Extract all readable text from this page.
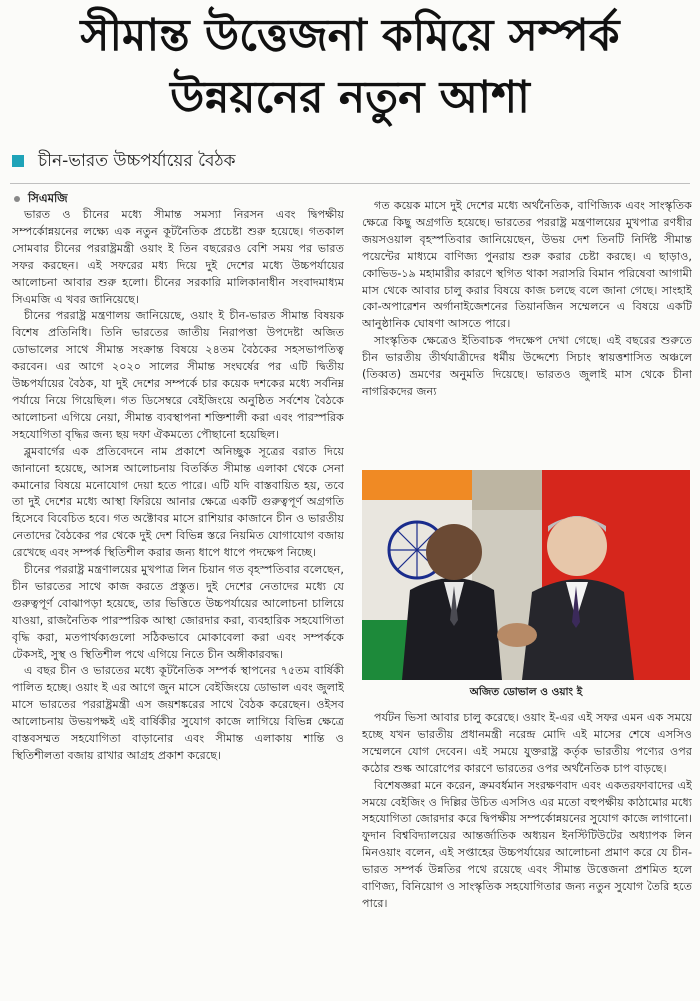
সীমান্ত উত্তেজনা কমিয়ে সম্পর্ক
উন্নয়নের নতুন আশা
চীন-ভারত উচ্চপর্যায়ের বৈঠক
সিএমজি

ভারত ও চীনের মধ্যে সীমান্ত সমস্যা নিরসন এবং দ্বিপক্ষীয় সম্পর্কোন্নয়নের লক্ষ্যে এক নতুন কূটনৈতিক প্রচেষ্টা শুরু হয়েছে। গতকাল সোমবার চীনের পররাষ্ট্রমন্ত্রী ওয়াং ই তিন বছরেরও বেশি সময় পর ভারত সফর করছেন। এই সফরের মধ্য দিয়ে দুই দেশের মধ্যে উচ্চপর্যায়ের আলোচনা আবার শুরু হলো। চীনের সরকারি মালিকানাধীন সংবাদমাধ্যম সিএমজি এ খবর জানিয়েছে।

চীনের পররাষ্ট্র মন্ত্রণালয় জানিয়েছে, ওয়াং ই চীন-ভারত সীমান্ত বিষয়ক বিশেষ প্রতিনিধি। তিনি ভারতের জাতীয় নিরাপত্তা উপদেষ্টা অজিত ডোভালের সাথে সীমান্ত সংক্রান্ত বিষয়ে ২৪তম বৈঠকের সহসভাপতিত্ব করবেন। এর আগে ২০২০ সালের সীমান্ত সংঘর্ষের পর এটি দ্বিতীয় উচ্চপর্যায়ের বৈঠক, যা দুই দেশের সম্পর্কে চার কয়েক দশকের মধ্যে সর্বনিম্ন পর্যায়ে নিয়ে গিয়েছিল। গত ডিসেম্বরে বেইজিংয়ে অনুষ্ঠিত সর্বশেষ বৈঠকে আলোচনা এগিয়ে নেয়া, সীমান্ত ব্যবস্থাপনা শক্তিশালী করা এবং পারস্পরিক সহযোগিতা বৃদ্ধির জন্য ছয় দফা ঐকমত্যে পৌছানো হয়েছিল।

ব্লুমবার্গের এক প্রতিবেদনে নাম প্রকাশে অনিচ্ছুক সূত্রের বরাত দিয়ে জানানো হয়েছে, আসন্ন আলোচনায় বিতর্কিত সীমান্ত এলাকা থেকে সেনা কমানোর বিষয়ে মনোযোগ দেয়া হতে পারে। এটি যদি বাস্তবায়িত হয়, তবে তা দুই দেশের মধ্যে আস্থা ফিরিয়ে আনার ক্ষেত্রে একটি গুরুত্বপূর্ণ অগ্রগতি হিসেবে বিবেচিত হবে। গত অক্টোবর মাসে রাশিয়ার কাজানে চীন ও ভারতীয় নেতাদের বৈঠকের পর থেকে দুই দেশ বিভিন্ন স্তরে নিয়মিত যোগাযোগ বজায় রেখেছে এবং সম্পর্ক স্থিতিশীল করার জন্য ধাপে ধাপে পদক্ষেপ নিচ্ছে।

চীনের পররাষ্ট্র মন্ত্রণালয়ের মুখপাত্র লিন চিয়ান গত বৃহস্পতিবার বলেছেন, চীন ভারতের সাথে কাজ করতে প্রস্তুত। দুই দেশের নেতাদের মধ্যে যে গুরুত্বপূর্ণ বোঝাপড়া হয়েছে, তার ভিত্তিতে উচ্চপর্যায়ের আলোচনা চালিয়ে যাওয়া, রাজনৈতিক পারস্পরিক আস্থা জোরদার করা, ব্যবহারিক সহযোগিতা বৃদ্ধি করা, মতপার্থক্যগুলো সঠিকভাবে মোকাবেলা করা এবং সম্পর্ককে টেকসই, সুস্থ ও স্থিতিশীল পথে এগিয়ে নিতে চীন অঙ্গীকারবদ্ধ।

এ বছর চীন ও ভারতের মধ্যে কূটনৈতিক সম্পর্ক স্থাপনের ৭৫তম বার্ষিকী পালিত হচ্ছে। ওয়াং ই এর আগে জুন মাসে বেইজিংয়ে ডোভাল এবং জুলাই মাসে ভারতের পররাষ্ট্রমন্ত্রী এস জয়শঙ্করের সাথে বৈঠক করেছেন। ওইসব আলোচনায় উভয়পক্ষই এই বার্ষিকীর সুযোগ কাজে লাগিয়ে বিভিন্ন ক্ষেত্রে বাস্তবসম্মত সহযোগিতা বাড়ানোর এবং সীমান্ত এলাকায় শান্তি ও স্থিতিশীলতা বজায় রাখার আগ্রহ প্রকাশ করেছে।

গত কয়েক মাসে দুই দেশের মধ্যে অর্থনৈতিক, বাণিজ্যিক এবং সাংস্কৃতিক ক্ষেত্রে কিছু অগ্রগতি হয়েছে। ভারতের পররাষ্ট্র মন্ত্রণালয়ের মুখপাত্র রণধীর জয়সওয়াল বৃহস্পতিবার জানিয়েছেন, উভয় দেশ তিনটি নির্দিষ্ট সীমান্ত পয়েন্টের মাধ্যমে বাণিজ্য পুনরায় শুরু করার চেষ্টা করছে। এ ছাড়াও, কোভিড-১৯ মহামারীর কারণে স্থগিত থাকা সরাসরি বিমান পরিষেবা আগামী মাস থেকে আবার চালু করার বিষয়ে কাজ চলছে বলে জানা গেছে। সাংহাই কো-অপারেশন অর্গানাইজেশনের তিয়ানজিন সম্মেলনে এ বিষয়ে একটি আনুষ্ঠানিক ঘোষণা আসতে পারে।

সাংস্কৃতিক ক্ষেত্রেও ইতিবাচক পদক্ষেপ দেখা গেছে। এই বছরের শুরুতে চীন ভারতীয় তীর্থযাত্রীদের ধর্মীয় উদ্দেশ্যে সিচাং স্বায়ত্তশাসিত অঞ্চলে (তিব্বত) ভ্রমণের অনুমতি দিয়েছে। ভারতও জুলাই মাস থেকে চীনা নাগরিকদের জন্য

অজিত ডোভাল ও ওয়াং ই

পর্যটন ভিসা আবার চালু করেছে। ওয়াং ই-এর এই সফর এমন এক সময়ে হচ্ছে যখন ভারতীয় প্রধানমন্ত্রী নরেন্দ্র মোদি এই মাসের শেষে এসসিও সম্মেলনে যোগ দেবেন। এই সময়ে যুক্তরাষ্ট্র কর্তৃক ভারতীয় পণ্যের ওপর কঠোর শুল্ক আরোপের কারণে ভারতের ওপর অর্থনৈতিক চাপ বাড়ছে।

বিশেষজ্ঞরা মনে করেন, ক্রমবর্ধমান সংরক্ষণবাদ এবং একতরফাবাদের এই সময়ে বেইজিং ও দিল্লির উচিত এসসিও এর মতো বহুপক্ষীয় কাঠামোর মধ্যে সহযোগিতা জোরদার করে দ্বিপক্ষীয় সম্পর্কোন্নয়নের সুযোগ কাজে লাগানো। ফুদান বিশ্ববিদ্যালয়ের আন্তর্জাতিক অধ্যয়ন ইনস্টিটিউটের অধ্যাপক লিন মিনওয়াং বলেন, এই সপ্তাহের উচ্চপর্যায়ের আলোচনা প্রমাণ করে যে চীন-ভারত সম্পর্ক উন্নতির পথে রয়েছে এবং সীমান্ত উত্তেজনা প্রশমিত হলে বাণিজ্য, বিনিয়োগ ও সাংস্কৃতিক সহযোগিতার জন্য নতুন সুযোগ তৈরি হতে পারে।
